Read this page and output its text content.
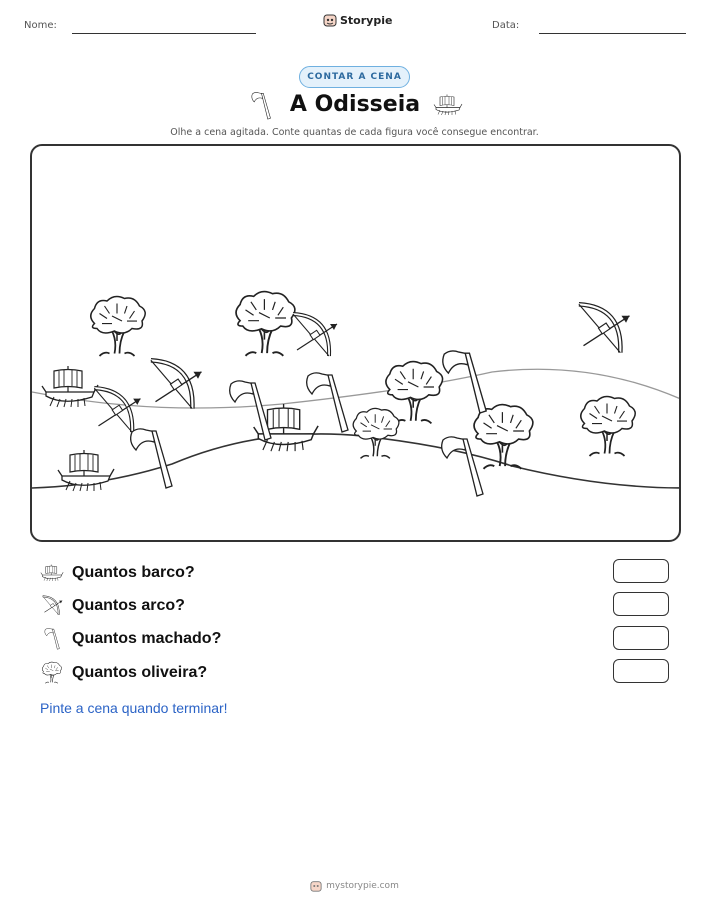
Nome:	Storypie	Data:
CONTAR A CENA
A Odisseia
Olhe a cena agitada. Conte quantas de cada figura você consegue encontrar.
Quantos barco?
Quantos arco?
Quantos machado?
Quantos oliveira?
Pinte a cena quando terminar!
mystorypie.com
